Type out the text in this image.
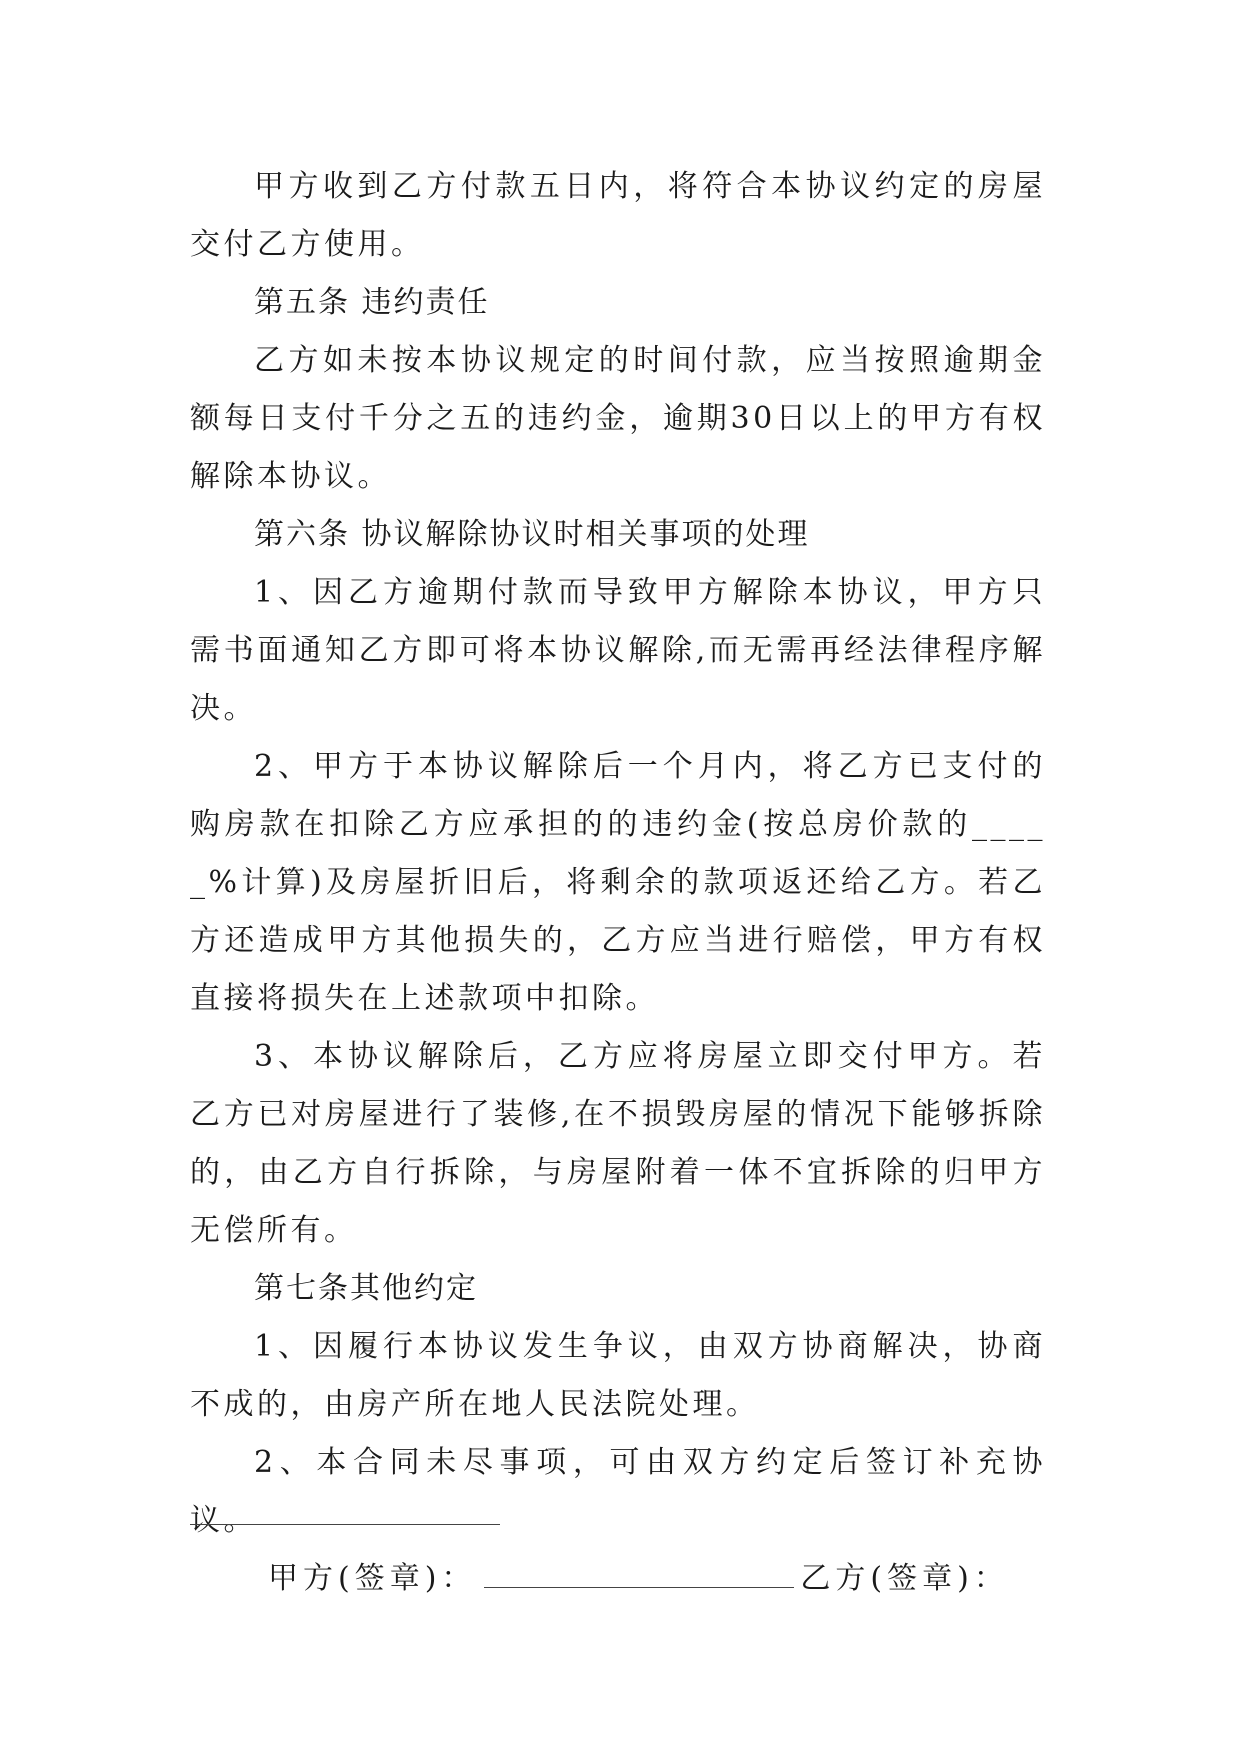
甲方收到乙方付款五日内，将符合本协议约定的房屋交付乙方使用。

第五条 违约责任

乙方如未按本协议规定的时间付款，应当按照逾期金额每日支付千分之五的违约金，逾期30日以上的甲方有权解除本协议。

第六条 协议解除协议时相关事项的处理

1、因乙方逾期付款而导致甲方解除本协议，甲方只需书面通知乙方即可将本协议解除,而无需再经法律程序解决。

2、甲方于本协议解除后一个月内，将乙方已支付的购房款在扣除乙方应承担的的违约金(按总房价款的_____%计算)及房屋折旧后，将剩余的款项返还给乙方。若乙方还造成甲方其他损失的，乙方应当进行赔偿，甲方有权直接将损失在上述款项中扣除。

3、本协议解除后，乙方应将房屋立即交付甲方。若乙方已对房屋进行了装修,在不损毁房屋的情况下能够拆除的，由乙方自行拆除，与房屋附着一体不宜拆除的归甲方无偿所有。

第七条其他约定

1、因履行本协议发生争议，由双方协商解决，协商不成的，由房产所在地人民法院处理。

2、本合同未尽事项，可由双方约定后签订补充协议。

甲方(签章)：	乙方(签章)：
